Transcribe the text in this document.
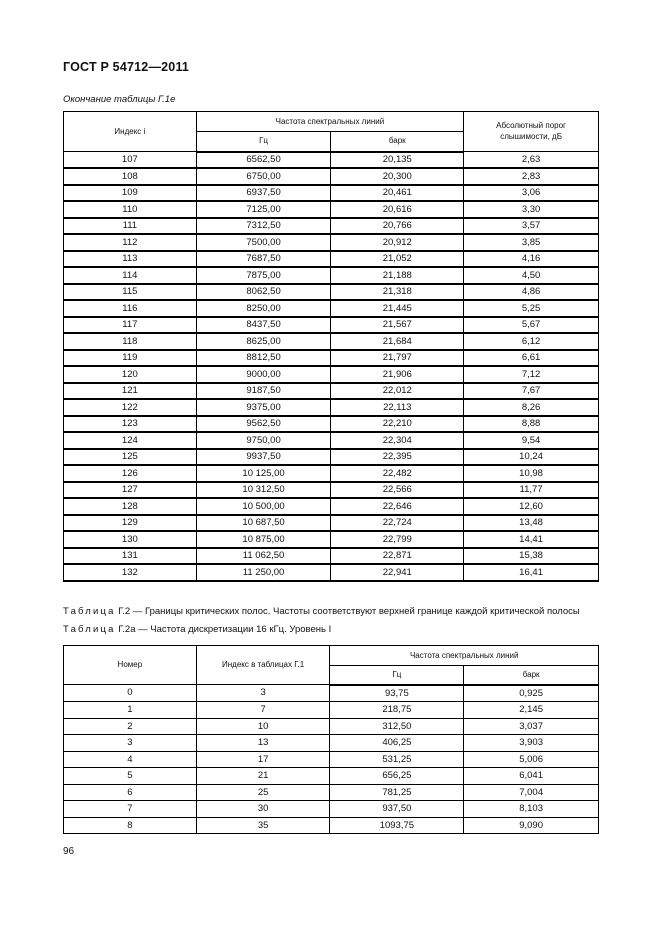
ГОСТ Р 54712—2011
Окончание таблицы Г.1е
Индекс i	Частота спектральных линий		Абсолютный порог слышимости, дБ
	Гц	барк	
107	6562,50	20,135	2,63
108	6750,00	20,300	2,83
109	6937,50	20,461	3,06
110	7125,00	20,616	3,30
111	7312,50	20,766	3,57
112	7500,00	20,912	3,85
113	7687,50	21,052	4,16
114	7875,00	21,188	4,50
115	8062,50	21,318	4,86
116	8250,00	21,445	5,25
117	8437,50	21,567	5,67
118	8625,00	21,684	6,12
119	8812,50	21,797	6,61
120	9000,00	21,906	7,12
121	9187,50	22,012	7,67
122	9375,00	22,113	8,26
123	9562,50	22,210	8,88
124	9750,00	22,304	9,54
125	9937,50	22,395	10,24
126	10 125,00	22,482	10,98
127	10 312,50	22,566	11,77
128	10 500,00	22,646	12,60
129	10 687,50	22,724	13,48
130	10 875,00	22,799	14,41
131	11 062,50	22,871	15,38
132	11 250,00	22,941	16,41
Таблица Г.2 — Границы критических полос. Частоты соответствуют верхней границе каждой критической полосы
Таблица Г.2а — Частота дискретизации 16 кГц. Уровень I
Номер	Индекс в таблицах Г.1	Частота спектральных линий	
		Гц	барк
0	3	93,75	0,925
1	7	218,75	2,145
2	10	312,50	3,037
3	13	406,25	3,903
4	17	531,25	5,006
5	21	656,25	6,041
6	25	781,25	7,004
7	30	937,50	8,103
8	35	1093,75	9,090
96
